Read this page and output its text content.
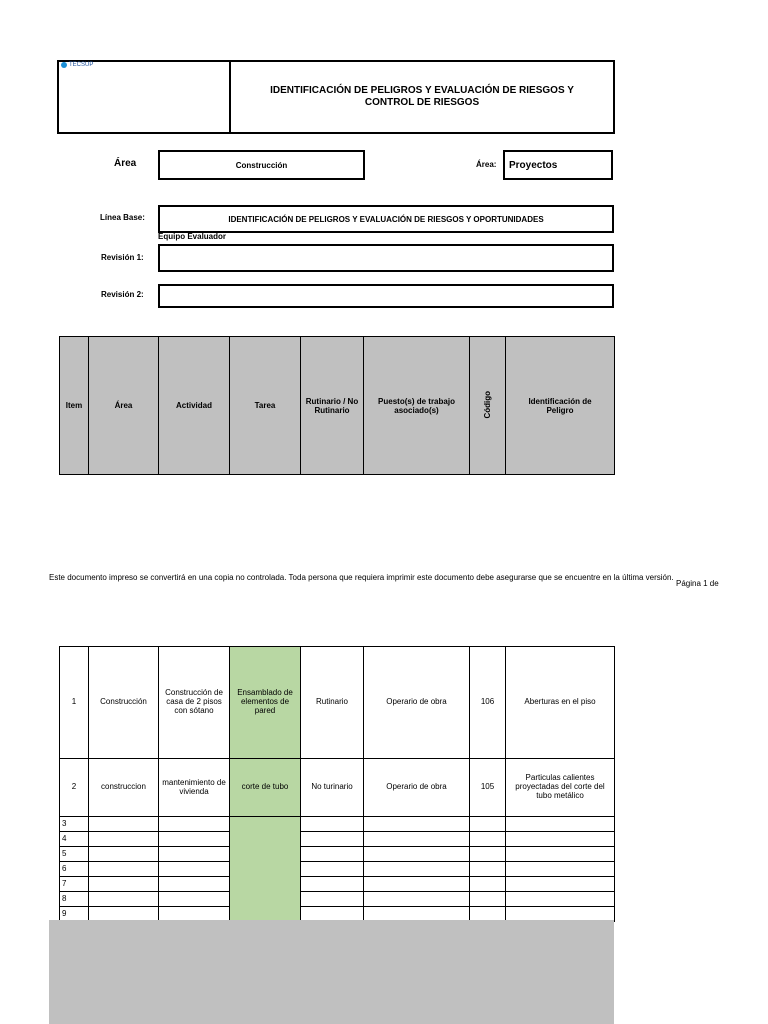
TECSUP
IDENTIFICACIÓN DE PELIGROS Y EVALUACIÓN DE RIESGOS Y CONTROL DE RIESGOS
Área	Construcción	Área: Proyectos
Línea Base:	IDENTIFICACIÓN DE PELIGROS Y EVALUACIÓN DE RIESGOS Y OPORTUNIDADES
Equipo Evaluador
Revisión 1:
Revisión 2:
Item	Área	Actividad	Tarea	Rutinario / No Rutinario	Puesto(s) de trabajo asociado(s)	Código	Identificación de Peligro
Este documento impreso se convertirá en una copia no controlada. Toda persona que requiera imprimir este documento debe asegurarse que se encuentre en la última versión.
Página 1 de
1	Construcción	Construcción de casa de 2 pisos con sótano	Ensamblado de elementos de pared	Rutinario	Operario de obra	106	Aberturas en el piso
2	construccion	mantenimiento de vivienda	corte de tubo	No turinario	Operario de obra	105	Particulas calientes proyectadas del corte del tubo metálico
3							
4							
5							
6							
7							
8							
9							
